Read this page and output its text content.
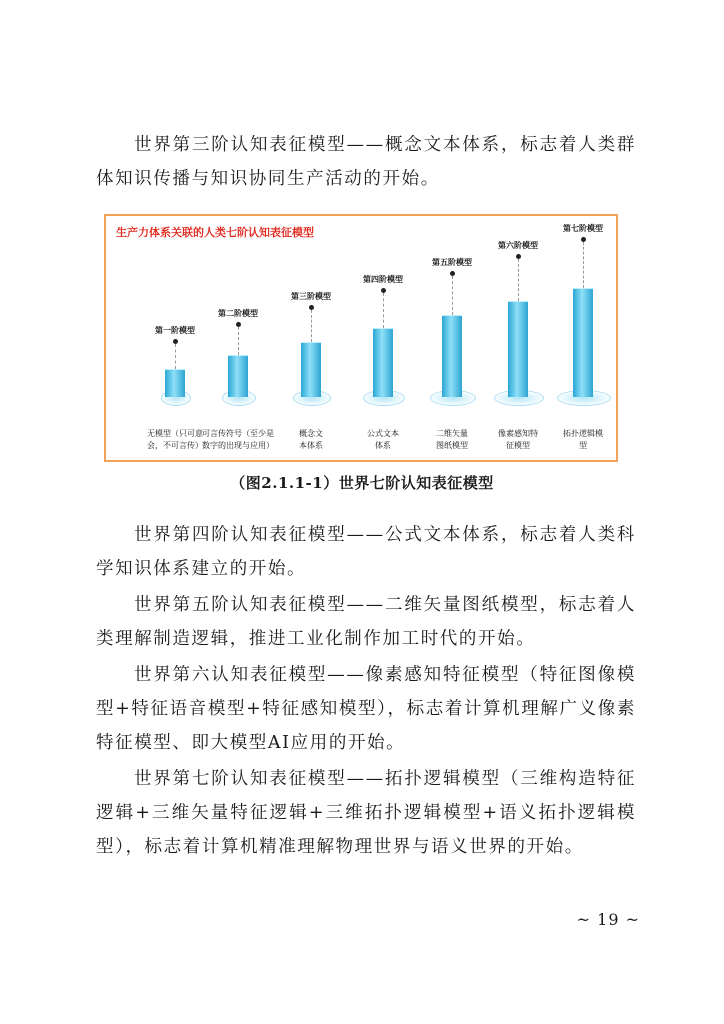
世界第三阶认知表征模型——概念文本体系，标志着人类群体知识传播与知识协同生产活动的开始。

生产力体系关联的人类七阶认知表征模型
第一阶模型
无模型（只可意
会，不可言传）
第二阶模型
可言传符号（至少是
数字的出现与应用）
第三阶模型
概念文
本体系
第四阶模型
公式文本
体系
第五阶模型
二维矢量
图纸模型
第六阶模型
像素感知特
征模型
第七阶模型
拓扑逻辑模
型
（图2.1.1-1）世界七阶认知表征模型

世界第四阶认知表征模型——公式文本体系，标志着人类科学知识体系建立的开始。

世界第五阶认知表征模型——二维矢量图纸模型，标志着人类理解制造逻辑，推进工业化制作加工时代的开始。

世界第六认知表征模型——像素感知特征模型（特征图像模型+特征语音模型+特征感知模型），标志着计算机理解广义像素特征模型、即大模型AI应用的开始。

世界第七阶认知表征模型——拓扑逻辑模型（三维构造特征逻辑+三维矢量特征逻辑+三维拓扑逻辑模型+语义拓扑逻辑模型），标志着计算机精准理解物理世界与语义世界的开始。

~ 19 ~
